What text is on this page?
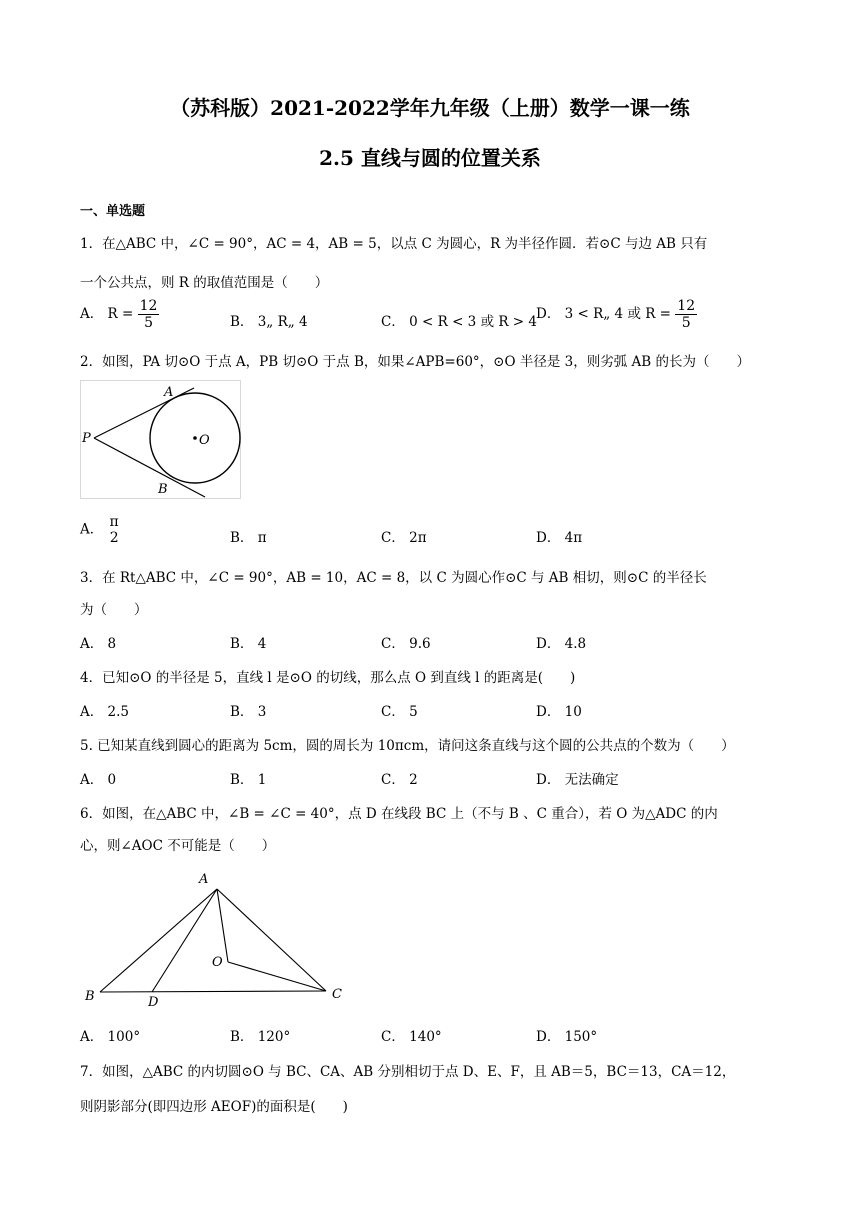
（苏科版）2021-2022学年九年级（上册）数学一课一练
2.5 直线与圆的位置关系
一、单选题
1．在△ABC 中，∠C = 90°，AC = 4，AB = 5，以点 C 为圆心，R 为半径作圆．若⊙C 与边 AB 只有
一个公共点，则 R 的取值范围是（　　）
A． $R = \frac{12}{5}$	B． 3„ R„ 4	C． 0 < R < 3 或 R > 4
D． 3 < R„ 4 或 $R = \frac{12}{5}$
2．如图，PA 切⊙O 于点 A，PB 切⊙O 于点 B，如果∠APB=60°，⊙O 半径是 3，则劣弧 AB 的长为（　　）
A
B
P	O
A． π
2	B． π	C． 2π	D． 4π
3．在 Rt△ABC 中，∠C = 90°，AB = 10，AC = 8，以 C 为圆心作⊙C 与 AB 相切，则⊙C 的半径长
为（　　）
A． 8	B． 4	C． 9.6	D． 4.8
4．已知⊙O 的半径是 5，直线 l 是⊙O 的切线，那么点 O 到直线 l 的距离是(　　)
A． 2.5	B． 3	C． 5	D． 10
5. 已知某直线到圆心的距离为 5cm，圆的周长为 10πcm，请问这条直线与这个圆的公共点的个数为（　　）
A． 0	B． 1	C． 2	D． 无法确定
6．如图，在△ABC 中，∠B = ∠C = 40°，点 D 在线段 BC 上（不与 B 、C 重合），若 O 为△ADC 的内
心，则∠AOC 不可能是（　　）
A
B	C
D
O
A． 100°	B． 120°	C． 140°	D． 150°
7．如图，△ABC 的内切圆⊙O 与 BC、CA、AB 分别相切于点 D、E、F，且 AB＝5，BC＝13，CA＝12，
则阴影部分(即四边形 AEOF)的面积是(　　)
